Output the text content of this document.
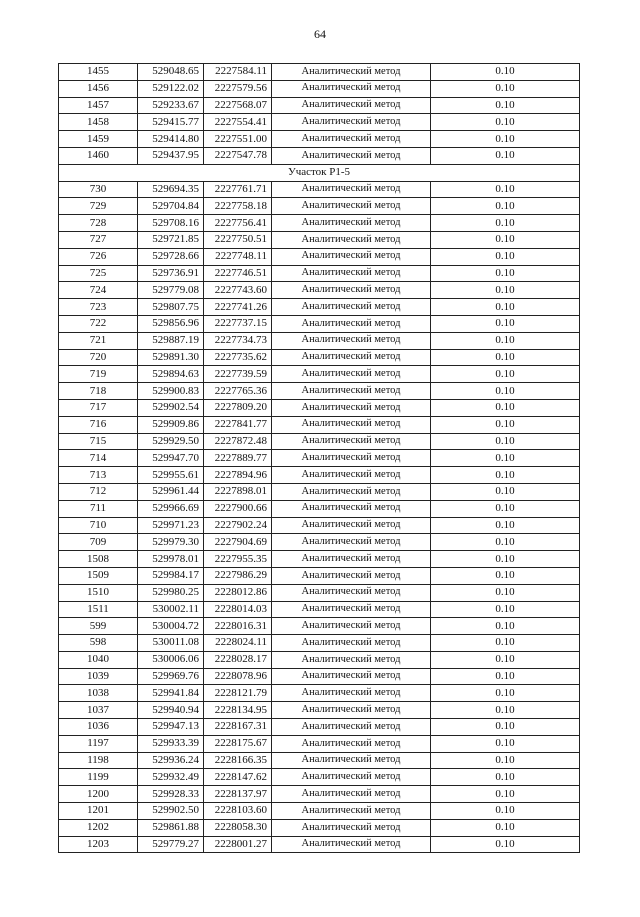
64
1455	529048.65	2227584.11	Аналитический метод	0.10
1456	529122.02	2227579.56	Аналитический метод	0.10
1457	529233.67	2227568.07	Аналитический метод	0.10
1458	529415.77	2227554.41	Аналитический метод	0.10
1459	529414.80	2227551.00	Аналитический метод	0.10
1460	529437.95	2227547.78	Аналитический метод	0.10
Участок Р1-5				
730	529694.35	2227761.71	Аналитический метод	0.10
729	529704.84	2227758.18	Аналитический метод	0.10
728	529708.16	2227756.41	Аналитический метод	0.10
727	529721.85	2227750.51	Аналитический метод	0.10
726	529728.66	2227748.11	Аналитический метод	0.10
725	529736.91	2227746.51	Аналитический метод	0.10
724	529779.08	2227743.60	Аналитический метод	0.10
723	529807.75	2227741.26	Аналитический метод	0.10
722	529856.96	2227737.15	Аналитический метод	0.10
721	529887.19	2227734.73	Аналитический метод	0.10
720	529891.30	2227735.62	Аналитический метод	0.10
719	529894.63	2227739.59	Аналитический метод	0.10
718	529900.83	2227765.36	Аналитический метод	0.10
717	529902.54	2227809.20	Аналитический метод	0.10
716	529909.86	2227841.77	Аналитический метод	0.10
715	529929.50	2227872.48	Аналитический метод	0.10
714	529947.70	2227889.77	Аналитический метод	0.10
713	529955.61	2227894.96	Аналитический метод	0.10
712	529961.44	2227898.01	Аналитический метод	0.10
711	529966.69	2227900.66	Аналитический метод	0.10
710	529971.23	2227902.24	Аналитический метод	0.10
709	529979.30	2227904.69	Аналитический метод	0.10
1508	529978.01	2227955.35	Аналитический метод	0.10
1509	529984.17	2227986.29	Аналитический метод	0.10
1510	529980.25	2228012.86	Аналитический метод	0.10
1511	530002.11	2228014.03	Аналитический метод	0.10
599	530004.72	2228016.31	Аналитический метод	0.10
598	530011.08	2228024.11	Аналитический метод	0.10
1040	530006.06	2228028.17	Аналитический метод	0.10
1039	529969.76	2228078.96	Аналитический метод	0.10
1038	529941.84	2228121.79	Аналитический метод	0.10
1037	529940.94	2228134.95	Аналитический метод	0.10
1036	529947.13	2228167.31	Аналитический метод	0.10
1197	529933.39	2228175.67	Аналитический метод	0.10
1198	529936.24	2228166.35	Аналитический метод	0.10
1199	529932.49	2228147.62	Аналитический метод	0.10
1200	529928.33	2228137.97	Аналитический метод	0.10
1201	529902.50	2228103.60	Аналитический метод	0.10
1202	529861.88	2228058.30	Аналитический метод	0.10
1203	529779.27	2228001.27	Аналитический метод	0.10
